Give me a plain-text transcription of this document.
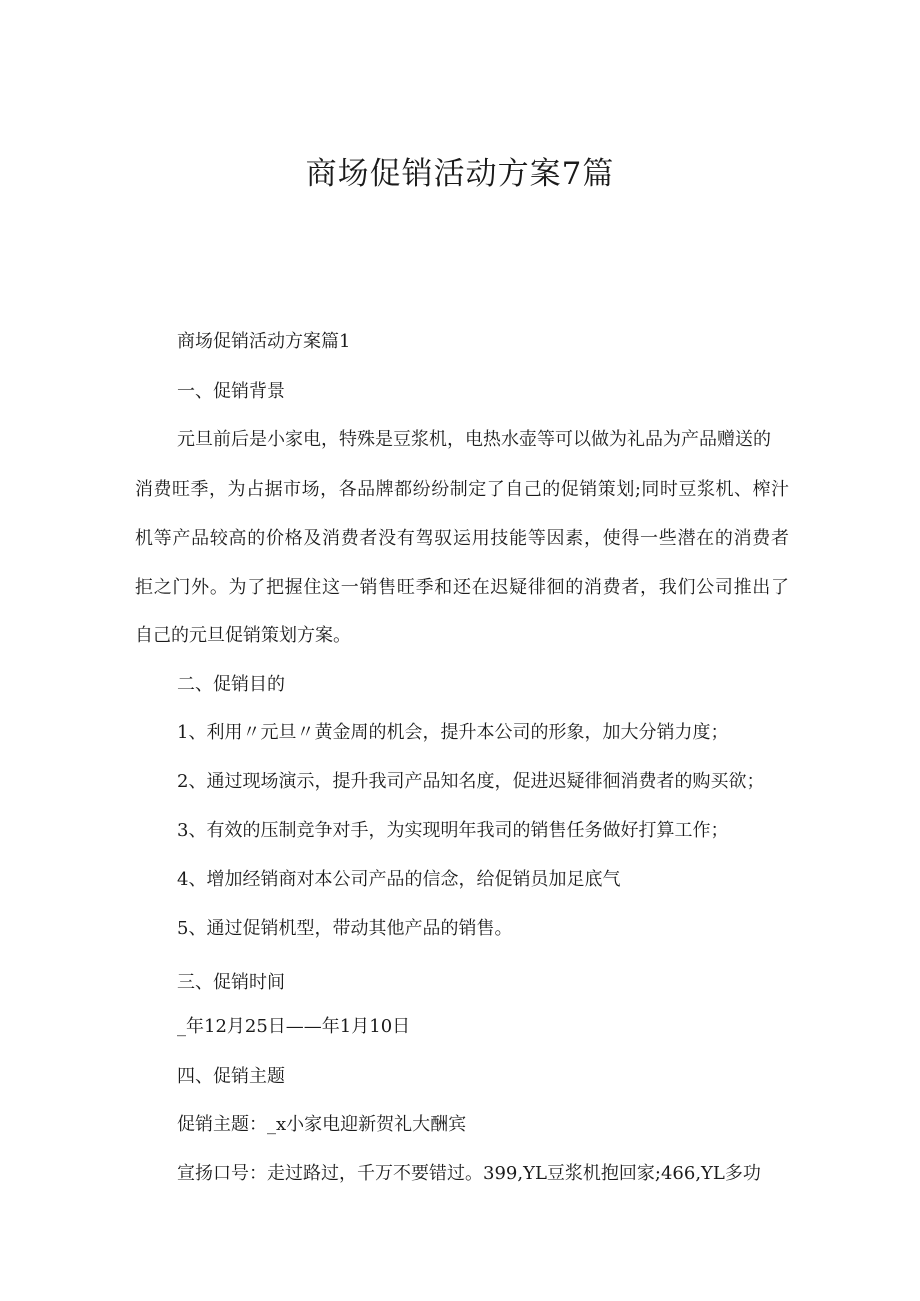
商场促销活动方案7篇
商场促销活动方案篇1
一、促销背景
元旦前后是小家电，特殊是豆浆机，电热水壶等可以做为礼品为产品赠送的
消费旺季，为占据市场，各品牌都纷纷制定了自己的促销策划;同时豆浆机、榨汁
机等产品较高的价格及消费者没有驾驭运用技能等因素，使得一些潜在的消费者
拒之门外。为了把握住这一销售旺季和还在迟疑徘徊的消费者，我们公司推出了
自己的元旦促销策划方案。
二、促销目的
1、利用〃元旦〃黄金周的机会，提升本公司的形象，加大分销力度；
2、通过现场演示，提升我司产品知名度，促进迟疑徘徊消费者的购买欲；
3、有效的压制竞争对手，为实现明年我司的销售任务做好打算工作；
4、增加经销商对本公司产品的信念，给促销员加足底气
5、通过促销机型，带动其他产品的销售。
三、促销时间
_年12月25日——年1月10日
四、促销主题
促销主题：_x小家电迎新贺礼大酬宾
宣扬口号：走过路过，千万不要错过。399,YL豆浆机抱回家;466,YL多功
